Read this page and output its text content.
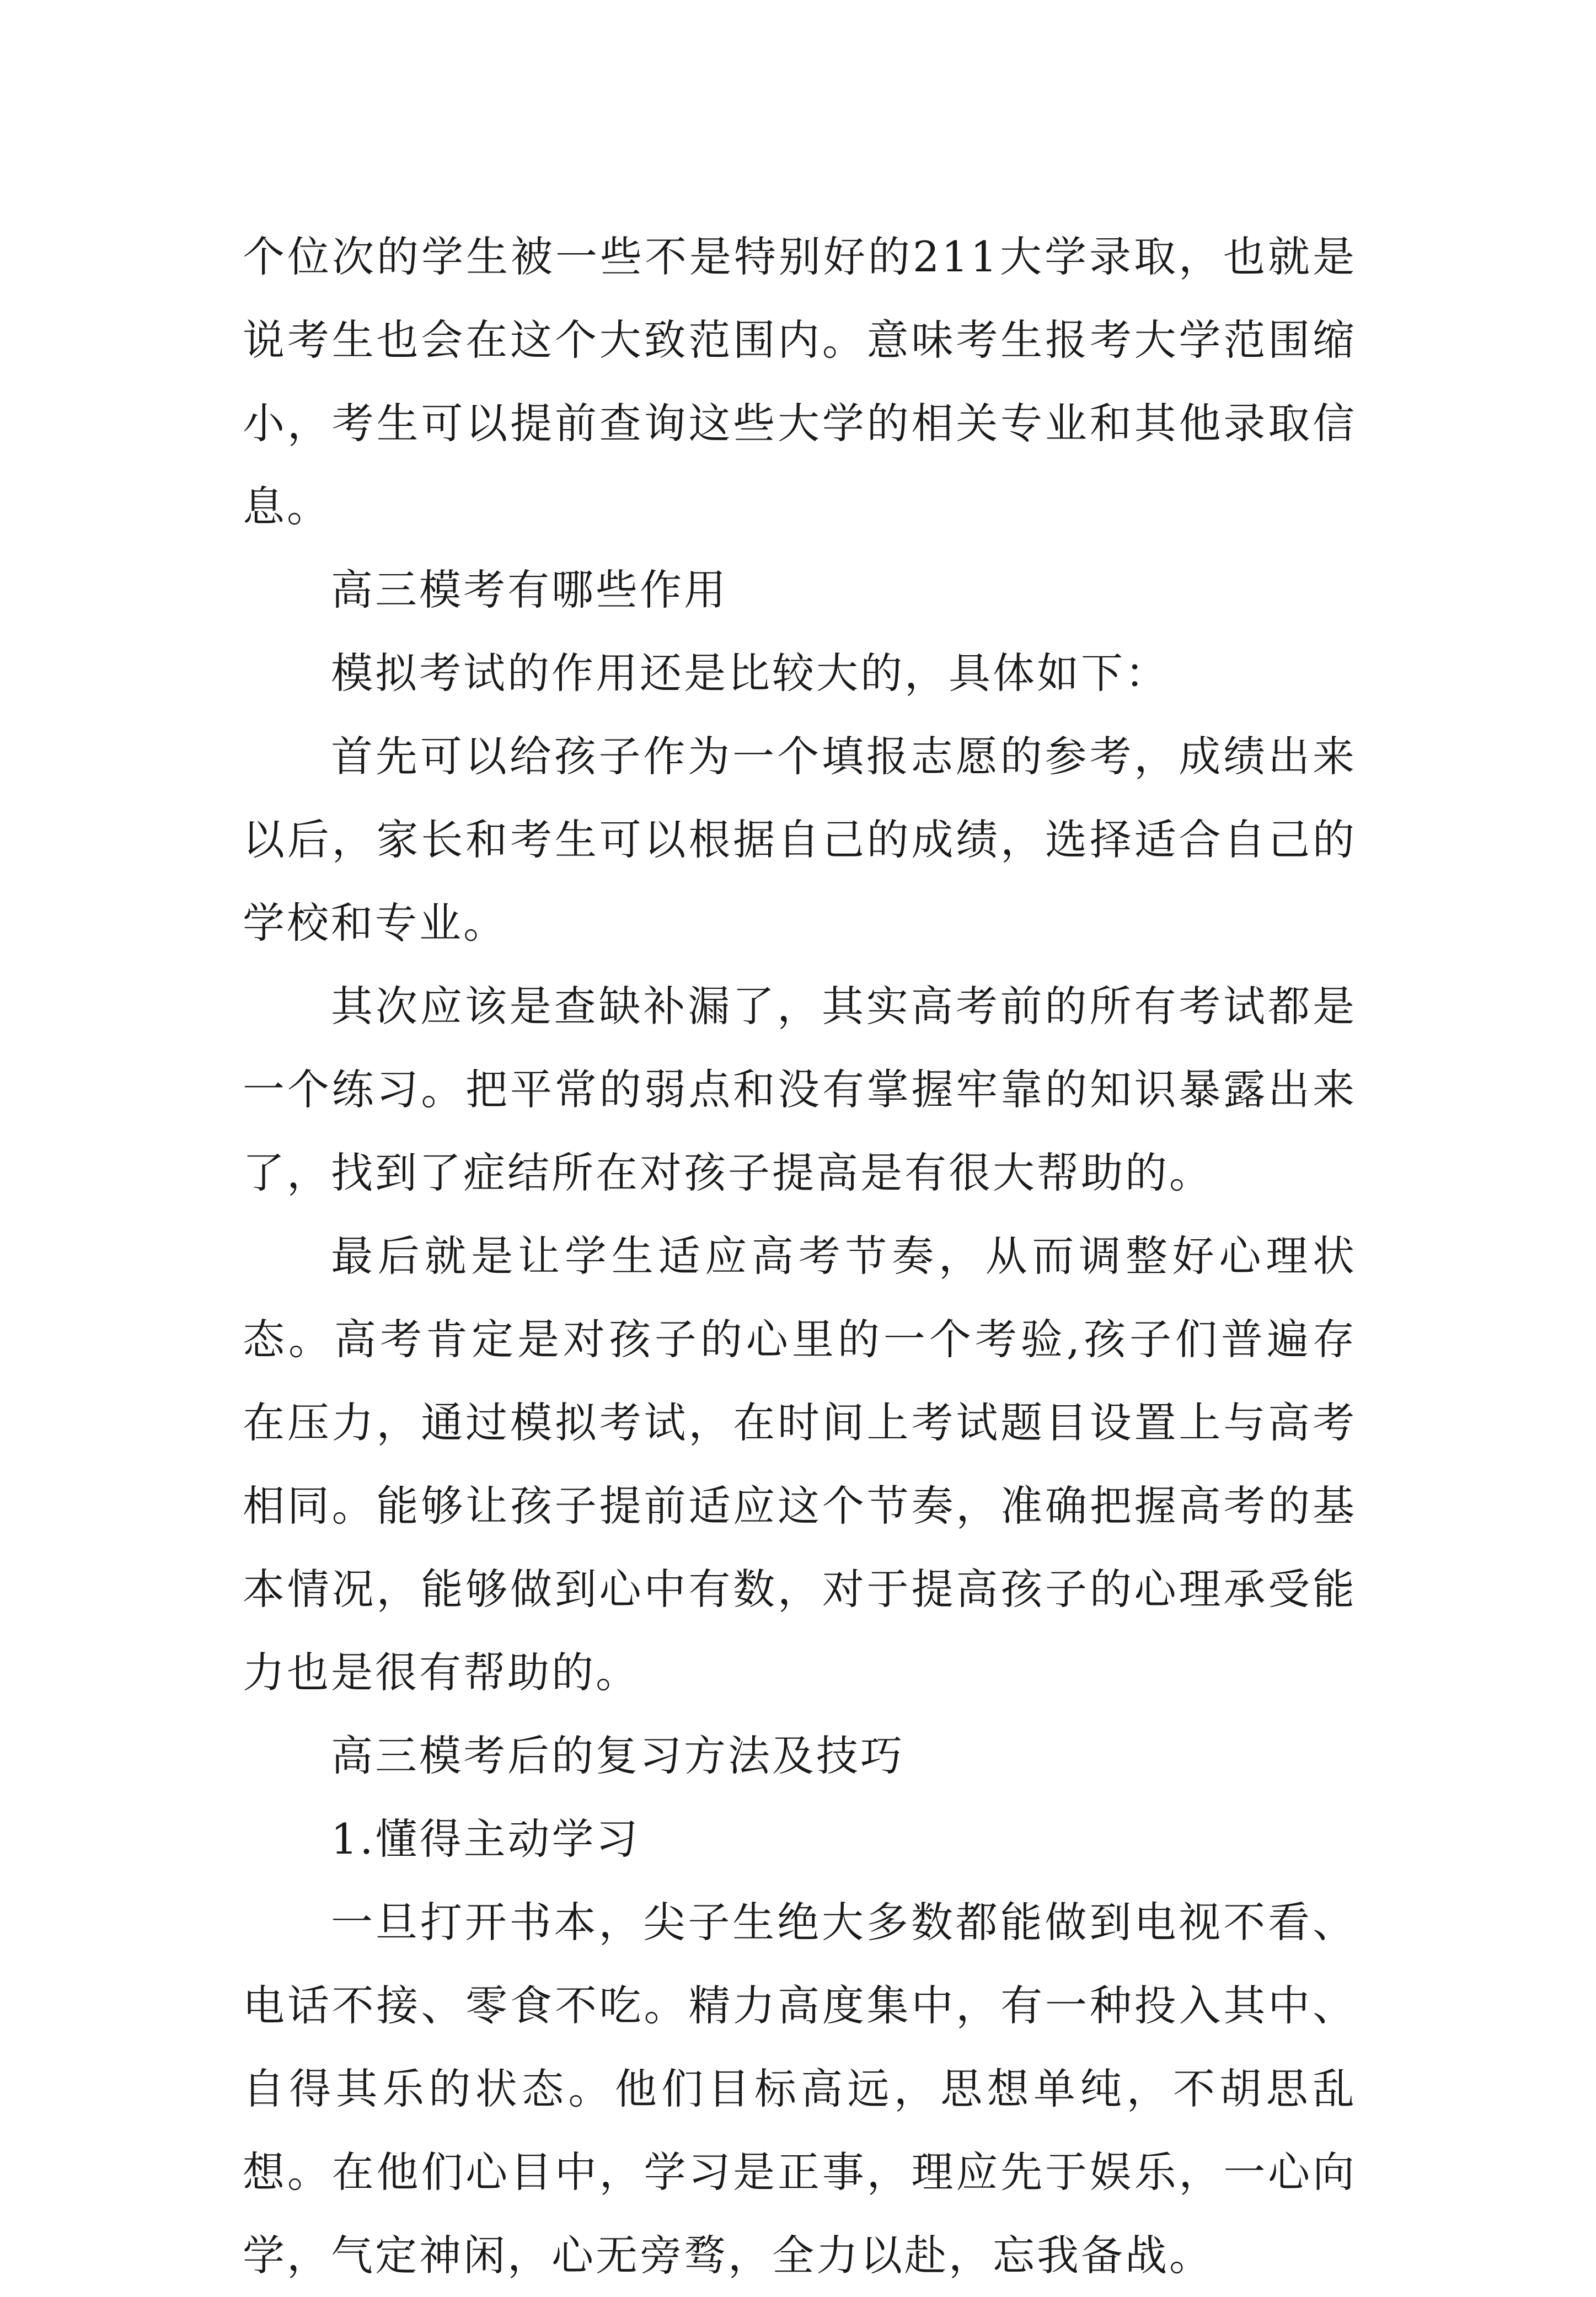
个位次的学生被一些不是特别好的211大学录取，也就是说考生也会在这个大致范围内。意味考生报考大学范围缩小，考生可以提前查询这些大学的相关专业和其他录取信息。

高三模考有哪些作用

模拟考试的作用还是比较大的，具体如下：

首先可以给孩子作为一个填报志愿的参考，成绩出来以后，家长和考生可以根据自己的成绩，选择适合自己的学校和专业。

其次应该是查缺补漏了，其实高考前的所有考试都是一个练习。把平常的弱点和没有掌握牢靠的知识暴露出来了，找到了症结所在对孩子提高是有很大帮助的。

最后就是让学生适应高考节奏，从而调整好心理状态。高考肯定是对孩子的心里的一个考验,孩子们普遍存在压力，通过模拟考试，在时间上考试题目设置上与高考相同。能够让孩子提前适应这个节奏，准确把握高考的基本情况，能够做到心中有数，对于提高孩子的心理承受能力也是很有帮助的。

高三模考后的复习方法及技巧

1.懂得主动学习

一旦打开书本，尖子生绝大多数都能做到电视不看、电话不接、零食不吃。精力高度集中，有一种投入其中、自得其乐的状态。他们目标高远，思想单纯，不胡思乱想。在他们心目中，学习是正事，理应先于娱乐，一心向学，气定神闲，心无旁骛，全力以赴，忘我备战。
